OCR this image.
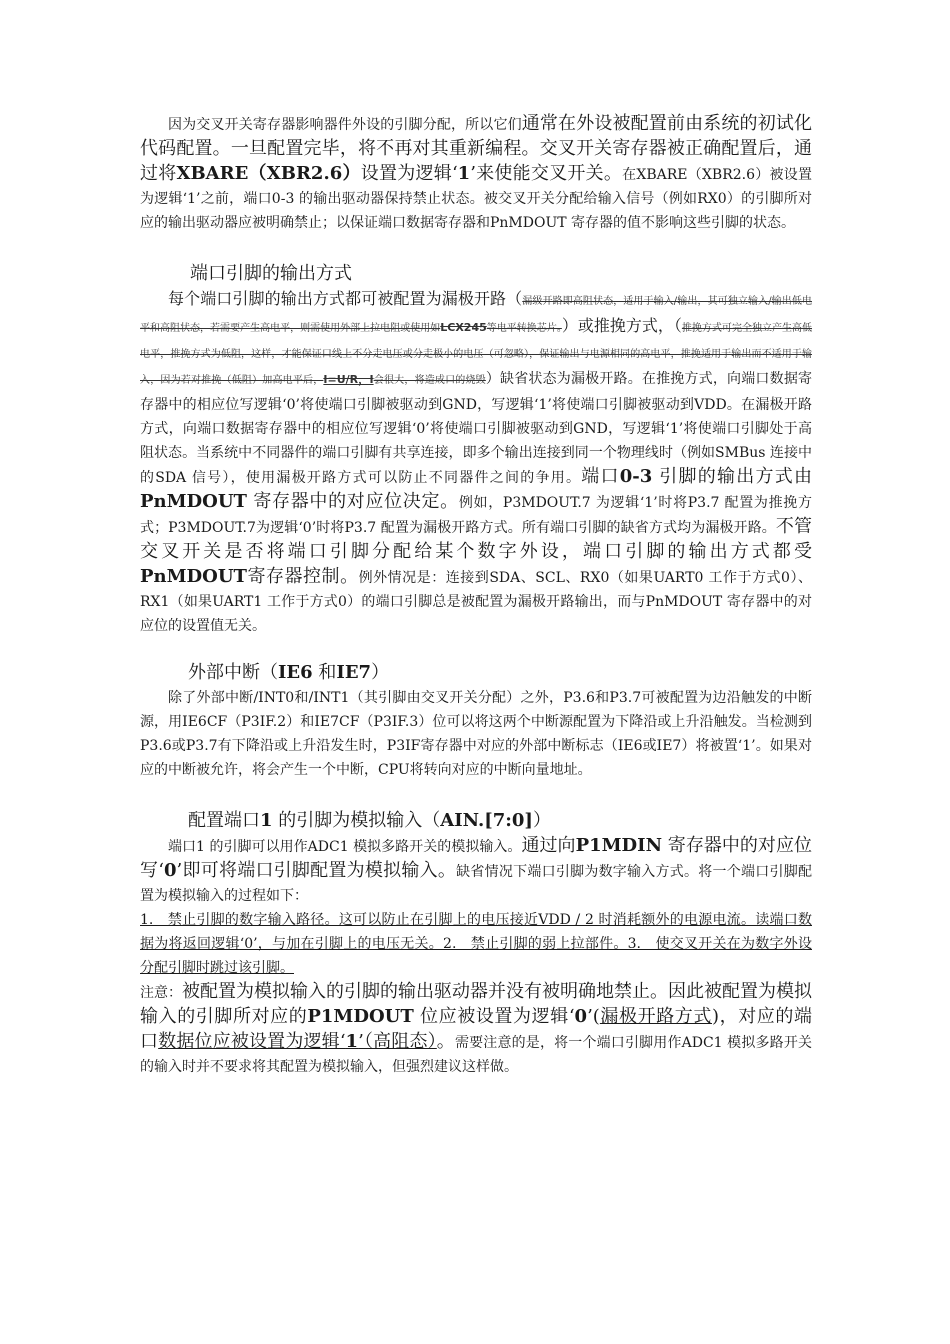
因为交叉开关寄存器影响器件外设的引脚分配，所以它们通常在外设被配置前由系统的初试化代码配置。一旦配置完毕，将不再对其重新编程。交叉开关寄存器被正确配置后，通过将XBARE（XBR2.6）设置为逻辑‘1’来使能交叉开关。在XBARE（XBR2.6）被设置为逻辑‘1’之前，端口0-3 的输出驱动器保持禁止状态。被交叉开关分配给输入信号（例如RX0）的引脚所对应的输出驱动器应被明确禁止；以保证端口数据寄存器和PnMDOUT 寄存器的值不影响这些引脚的状态。

端口引脚的输出方式

每个端口引脚的输出方式都可被配置为漏极开路（漏级开路即高阻状态，适用于输入/输出，其可独立输入/输出低电平和高阻状态，若需要产生高电平，则需使用外部上拉电阻或使用如LCX245等电平转换芯片。）或推挽方式，（推挽方式可完全独立产生高低电平，推挽方式为低阻，这样，才能保证口线上不分走电压或分走极小的电压（可忽略），保证输出与电源相同的高电平，推挽适用于输出而不适用于输入，因为若对推挽（低阻）加高电平后，I=U/R，I会很大，将造成口的烧毁）缺省状态为漏极开路。在推挽方式，向端口数据寄存器中的相应位写逻辑‘0’将使端口引脚被驱动到GND，写逻辑‘1’将使端口引脚被驱动到VDD。在漏极开路方式，向端口数据寄存器中的相应位写逻辑‘0’将使端口引脚被驱动到GND，写逻辑‘1’将使端口引脚处于高阻状态。当系统中不同器件的端口引脚有共享连接，即多个输出连接到同一个物理线时（例如SMBus 连接中的SDA 信号），使用漏极开路方式可以防止不同器件之间的争用。端口0-3 引脚的输出方式由PnMDOUT 寄存器中的对应位决定。例如，P3MDOUT.7 为逻辑‘1’时将P3.7 配置为推挽方式；P3MDOUT.7为逻辑‘0’时将P3.7 配置为漏极开路方式。所有端口引脚的缺省方式均为漏极开路。不管交叉开关是否将端口引脚分配给某个数字外设，端口引脚的输出方式都受PnMDOUT寄存器控制。例外情况是：连接到SDA、SCL、RX0（如果UART0 工作于方式0）、RX1（如果UART1 工作于方式0）的端口引脚总是被配置为漏极开路输出，而与PnMDOUT 寄存器中的对应位的设置值无关。

外部中断（IE6 和IE7）

除了外部中断/INT0和/INT1（其引脚由交叉开关分配）之外，P3.6和P3.7可被配置为边沿触发的中断源，用IE6CF（P3IF.2）和IE7CF（P3IF.3）位可以将这两个中断源配置为下降沿或上升沿触发。当检测到P3.6或P3.7有下降沿或上升沿发生时，P3IF寄存器中对应的外部中断标志（IE6或IE7）将被置‘1’。如果对应的中断被允许，将会产生一个中断，CPU将转向对应的中断向量地址。

配置端口1 的引脚为模拟输入（AIN.[7:0]）

端口1 的引脚可以用作ADC1 模拟多路开关的模拟输入。通过向P1MDIN 寄存器中的对应位写‘0’即可将端口引脚配置为模拟输入。缺省情况下端口引脚为数字输入方式。将一个端口引脚配置为模拟输入的过程如下：

1.　禁止引脚的数字输入路径。这可以防止在引脚上的电压接近VDD / 2 时消耗额外的电源电流。读端口数据为将返回逻辑‘0’，与加在引脚上的电压无关。2.　禁止引脚的弱上拉部件。3.　使交叉开关在为数字外设分配引脚时跳过该引脚。

注意：被配置为模拟输入的引脚的输出驱动器并没有被明确地禁止。因此被配置为模拟输入的引脚所对应的P1MDOUT 位应被设置为逻辑‘0’(漏极开路方式)，对应的端口数据位应被设置为逻辑‘1’（高阻态）。需要注意的是，将一个端口引脚用作ADC1 模拟多路开关的输入时并不要求将其配置为模拟输入，但强烈建议这样做。
